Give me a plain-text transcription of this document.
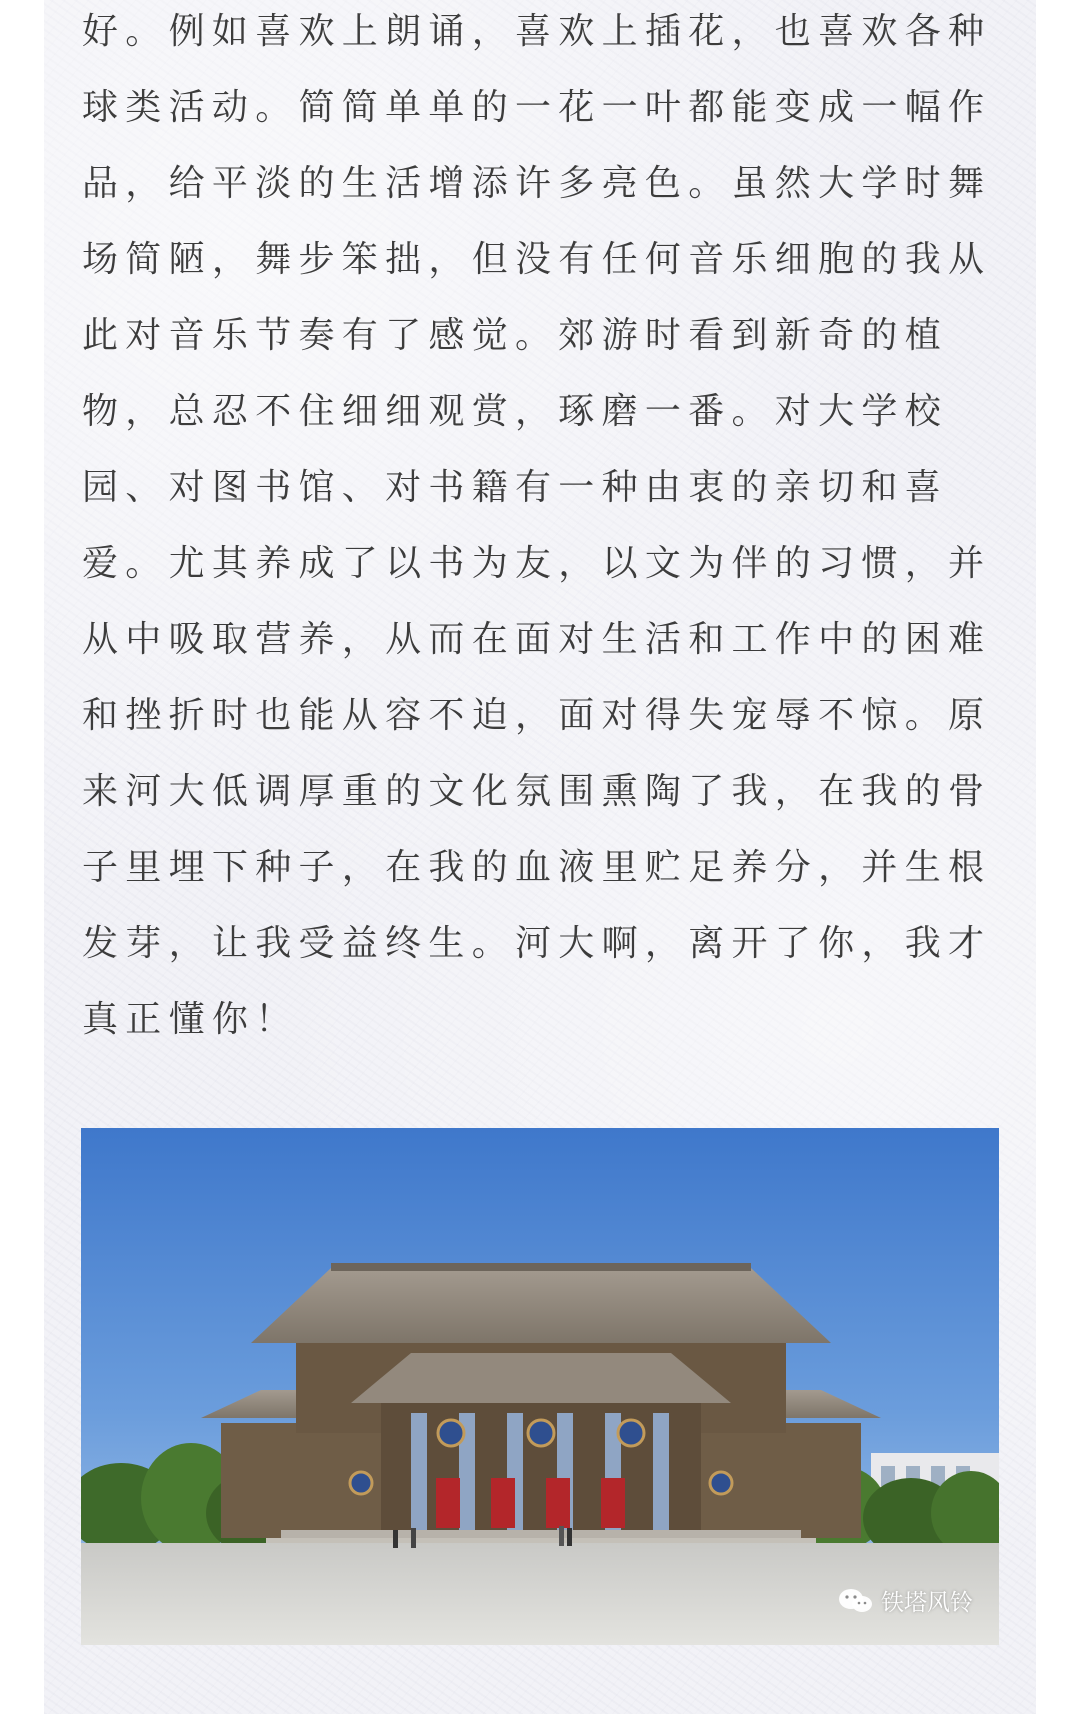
好。例如喜欢上朗诵，喜欢上插花，也喜欢各种
球类活动。简简单单的一花一叶都能变成一幅作
品，给平淡的生活增添许多亮色。虽然大学时舞
场简陋，舞步笨拙，但没有任何音乐细胞的我从
此对音乐节奏有了感觉。郊游时看到新奇的植
物，总忍不住细细观赏，琢磨一番。对大学校
园、对图书馆、对书籍有一种由衷的亲切和喜
爱。尤其养成了以书为友，以文为伴的习惯，并
从中吸取营养，从而在面对生活和工作中的困难
和挫折时也能从容不迫，面对得失宠辱不惊。原
来河大低调厚重的文化氛围熏陶了我，在我的骨
子里埋下种子，在我的血液里贮足养分，并生根
发芽，让我受益终生。河大啊，离开了你，我才
真正懂你！
铁塔风铃
